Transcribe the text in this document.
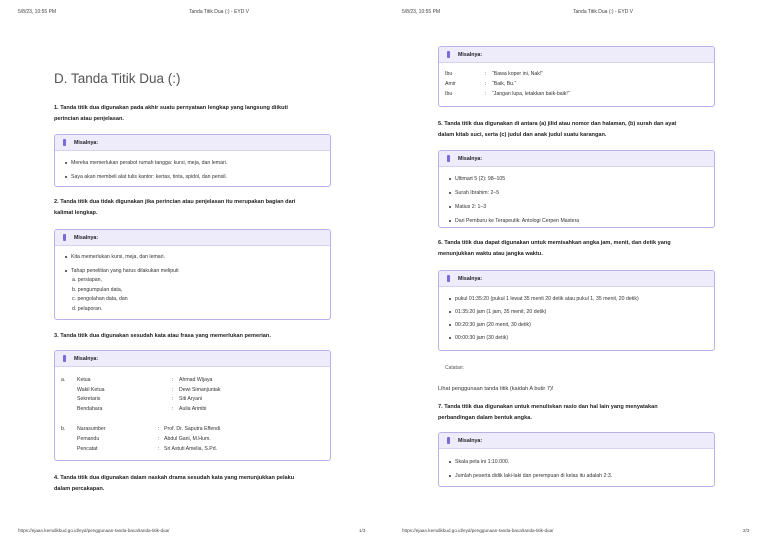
5/8/23, 10:55 PM	Tanda Titik Dua (:) - EYD V
D. Tanda Titik Dua (:)
1. Tanda titik dua digunakan pada akhir suatu pernyataan lengkap yang langsung diikuti
perincian atau penjelasan.
Misalnya:
Mereka memerlukan perabot rumah tangga: kursi, meja, dan lemari.
Saya akan membeli alat tulis kantor: kertas, tinta, spidol, dan pensil.
2. Tanda titik dua tidak digunakan jika perincian atau penjelasan itu merupakan bagian dari
kalimat lengkap.
Misalnya:
Kita memerlukan kursi, meja, dan lemari.
Tahap penelitian yang harus dilakukan meliputi
a. persiapan,
b. pengumpulan data,
c. pengolahan data, dan
d. pelaporan.
3. Tanda titik dua digunakan sesudah kata atau frasa yang memerlukan pemerian.
Misalnya:
a. Ketua	: Ahmad Wijaya
Wakil Ketua	: Dewi Simanjuntak
Sekretaris	: Siti Aryani
Bendahara	: Aulia Arimbi
b. Narasumber	: Prof. Dr. Saputra Effendi
Pemandu	: Abdul Gani, M.Hum.
Pencatat	: Sri Astuti Amelia, S.Pd.
4. Tanda titik dua digunakan dalam naskah drama sesudah kata yang menunjukkan pelaku
dalam percakapan.
https://ejaan.kemdikbud.go.id/eyd/penggunaan-tanda-baca/tanda-titik-dua/	1/3
5/8/23, 10:55 PM	Tanda Titik Dua (:) - EYD V
Misalnya:
Ibu	: “Bawa koper ini, Nak!”
Amir	: “Baik, Bu.”
Ibu	: “Jangan lupa, letakkan baik-baik!”
5. Tanda titik dua digunakan di antara (a) jilid atau nomor dan halaman, (b) surah dan ayat
dalam kitab suci, serta (c) judul dan anak judul suatu karangan.
Misalnya:
Ultimart 5 (2): 98–105
Surah Ibrahim: 2–5
Matius 2: 1–3
Dari Pemburu ke Terapeutik: Antologi Cerpen Mastera
6. Tanda titik dua dapat digunakan untuk memisahkan angka jam, menit, dan detik yang
menunjukkan waktu atau jangka waktu.
Misalnya:
pukul 01:35:20 (pukul 1 lewat 35 menit 20 detik atau pukul 1, 35 menit, 20 detik)
01:35:20 jam (1 jam, 35 menit, 20 detik)
00:20:30 jam (20 menit, 30 detik)
00:00:30 jam (30 detik)
Catatan:
Lihat penggunaan tanda titik (kaidah A butir 7)!
7. Tanda titik dua digunakan untuk menuliskan rasio dan hal lain yang menyatakan
perbandingan dalam bentuk angka.
Misalnya:
Skala peta ini 1:10.000.
Jumlah peserta didik laki-laki dan perempuan di kelas itu adalah 2:3.
https://ejaan.kemdikbud.go.id/eyd/penggunaan-tanda-baca/tanda-titik-dua/	2/3
